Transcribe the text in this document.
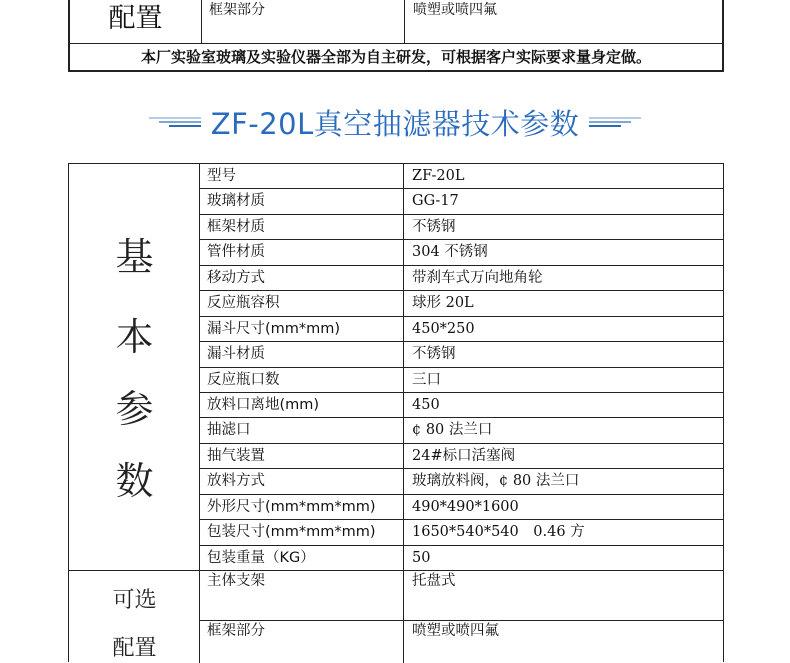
配置	框架部分	喷塑或喷四氟
本厂实验室玻璃及实验仪器全部为自主研发，可根据客户实际要求量身定做。
ZF-20L真空抽滤器技术参数
基
本
参
数
型号	ZF-20L
玻璃材质	GG-17
框架材质	不锈钢
管件材质	304 不锈钢
移动方式	带刹车式万向地角轮
反应瓶容积	球形 20L
漏斗尺寸(mm*mm)	450*250
漏斗材质	不锈钢
反应瓶口数	三口
放料口离地(mm)	450
抽滤口	¢ 80 法兰口
抽气装置	24#标口活塞阀
放料方式	玻璃放料阀，¢ 80 法兰口
外形尺寸(mm*mm*mm)	490*490*1600
包装尺寸(mm*mm*mm)	1650*540*540　0.46 方
包装重量（KG）	50
可选
配置
主体支架	托盘式
框架部分	喷塑或喷四氟
